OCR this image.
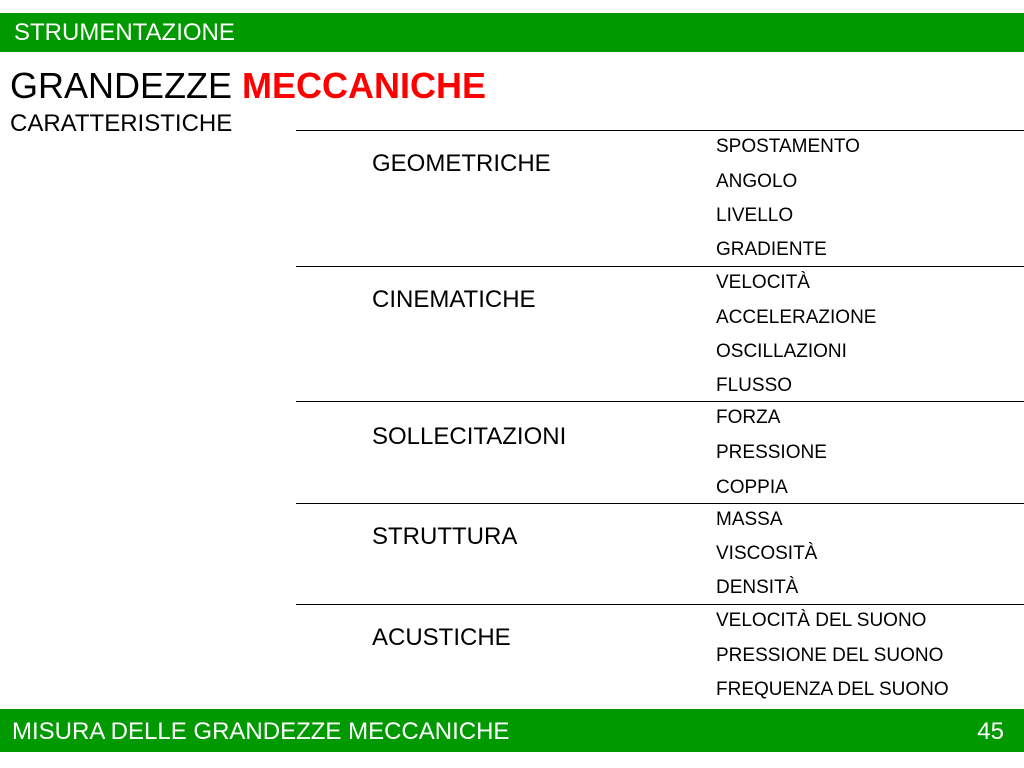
STRUMENTAZIONE
GRANDEZZE MECCANICHE
CARATTERISTICHE
GEOMETRICHE
SPOSTAMENTO
ANGOLO
LIVELLO
GRADIENTE
CINEMATICHE
VELOCITÀ
ACCELERAZIONE
OSCILLAZIONI
FLUSSO
SOLLECITAZIONI
FORZA
PRESSIONE
COPPIA
STRUTTURA
MASSA
VISCOSITÀ
DENSITÀ
ACUSTICHE
VELOCITÀ DEL SUONO
PRESSIONE DEL SUONO
FREQUENZA DEL SUONO
MISURA DELLE GRANDEZZE MECCANICHE	45
